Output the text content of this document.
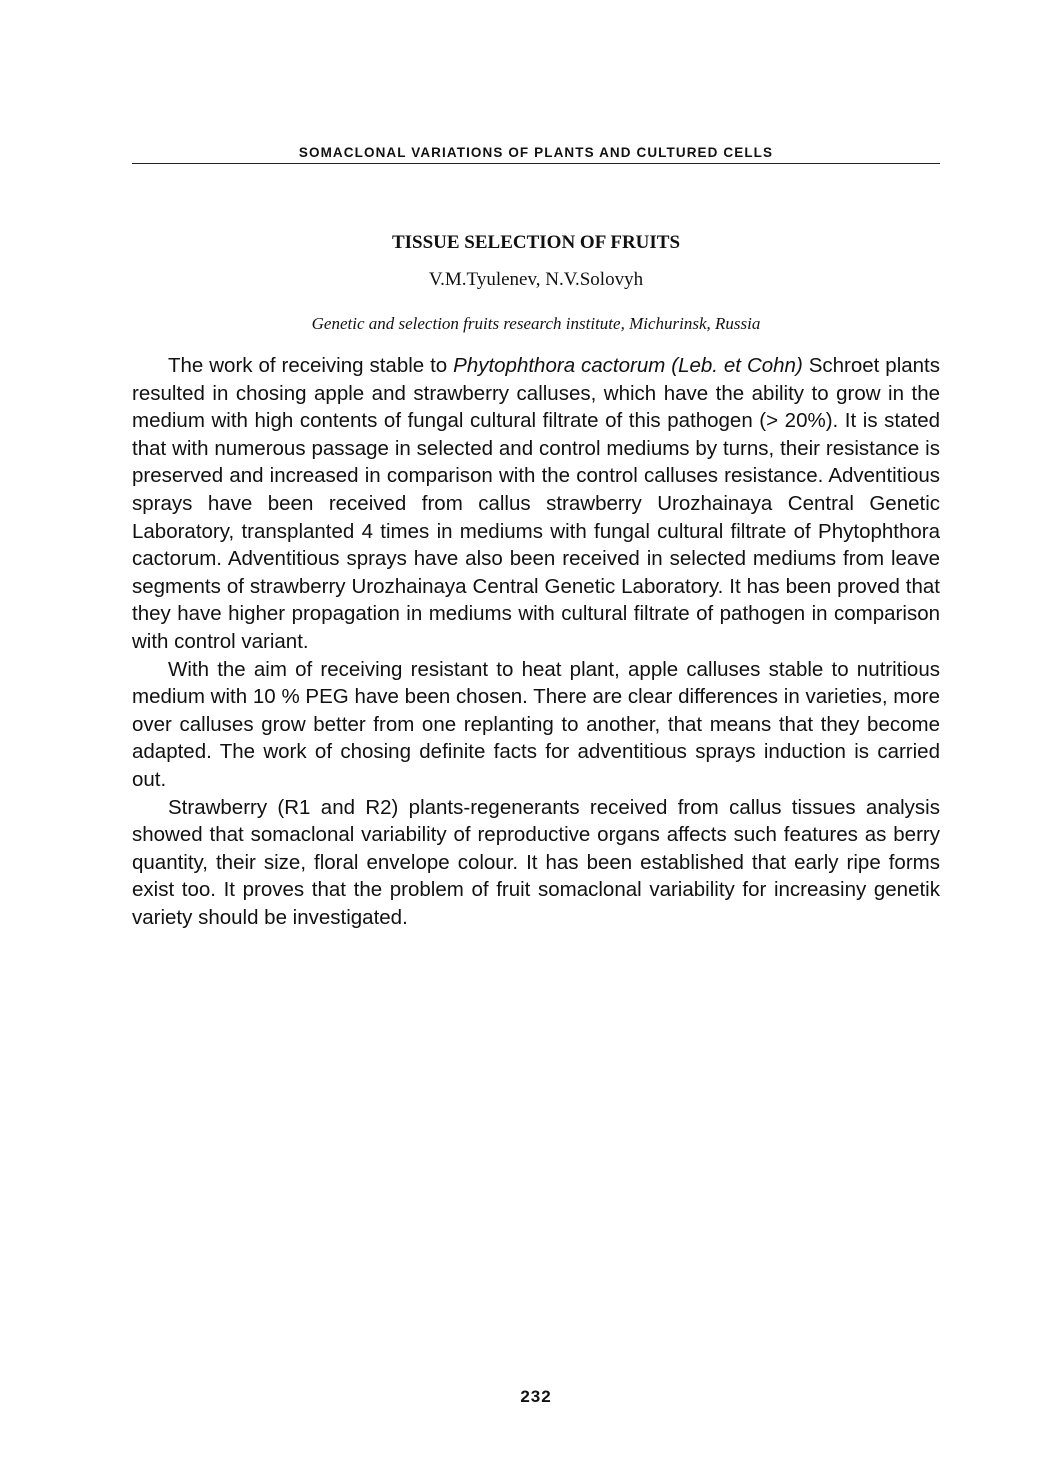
SOMACLONAL VARIATIONS OF PLANTS AND CULTURED CELLS
TISSUE SELECTION OF FRUITS
V.M.Tyulenev, N.V.Solovyh
Genetic and selection fruits research institute, Michurinsk, Russia

The work of receiving stable to Phytophthora cactorum (Leb. et Cohn) Schroet plants resulted in chosing apple and strawberry calluses, which have the ability to grow in the medium with high contents of fungal cultural filtrate of this pathogen (> 20%). It is stated that with numerous passage in selected and control mediums by turns, their resistance is preserved and increased in comparison with the control calluses resistance. Adventitious sprays have been received from callus strawberry Urozhainaya Central Genetic Laboratory, transplanted 4 times in mediums with fungal cultural filtrate of Phytophthora cactorum. Adventitious sprays have also been received in selected mediums from leave segments of strawberry Urozhainaya Central Genetic Laboratory. It has been proved that they have higher propagation in mediums with cultural filtrate of pathogen in comparison with control variant.

With the aim of receiving resistant to heat plant, apple calluses stable to nutritious medium with 10 % PEG have been chosen. There are clear differences in varieties, more over calluses grow better from one replanting to another, that means that they become adapted. The work of chosing definite facts for adventitious sprays induction is carried out.

Strawberry (R1 and R2) plants-regenerants received from callus tissues analysis showed that somaclonal variability of reproductive organs affects such features as berry quantity, their size, floral envelope colour. It has been established that early ripe forms exist too. It proves that the problem of fruit somaclonal variability for increasiny genetik variety should be investigated.

232
